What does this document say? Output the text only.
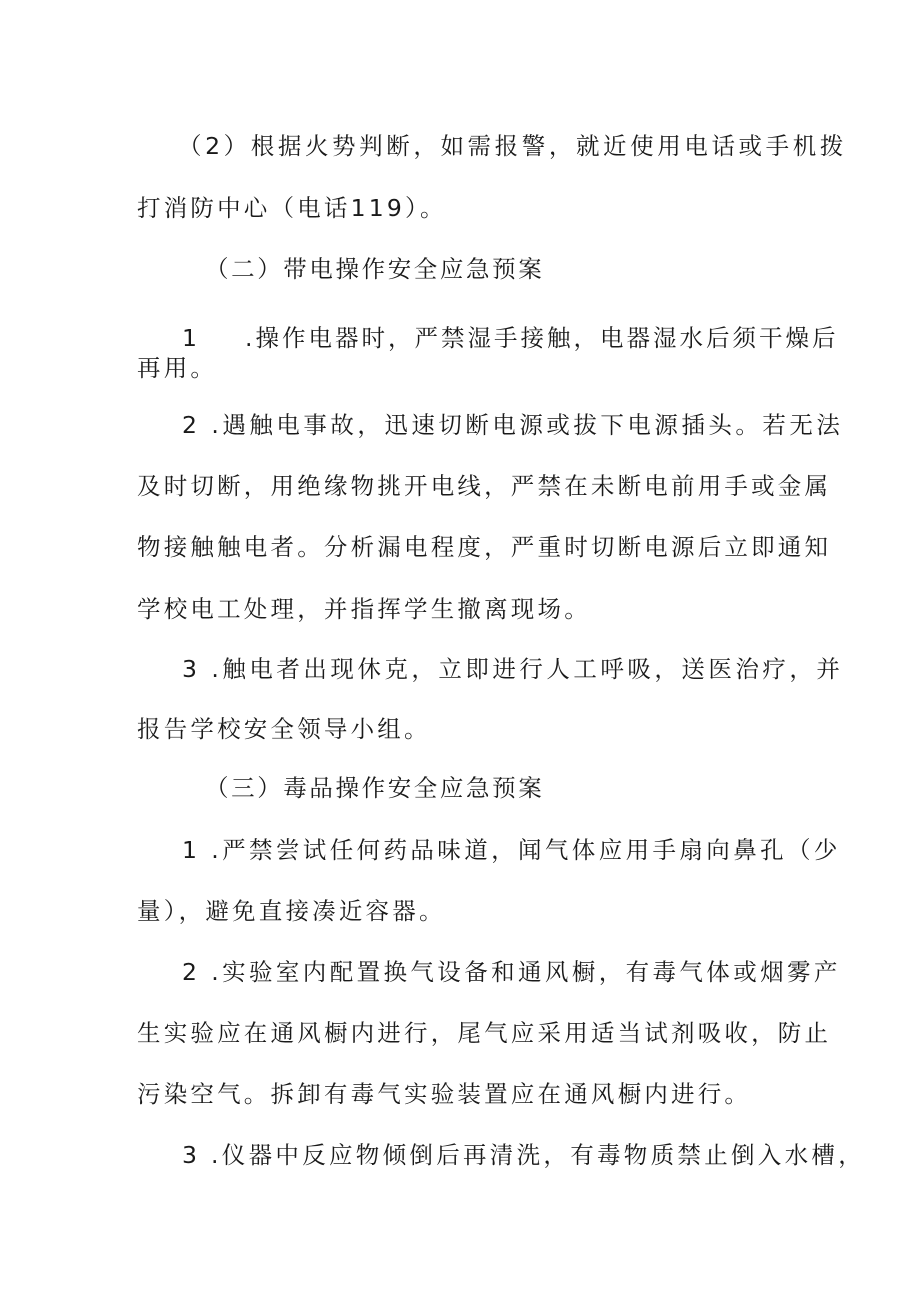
（2）根据火势判断，如需报警，就近使用电话或手机拨
打消防中心（电话119）。
（二）带电操作安全应急预案
1 .操作电器时，严禁湿手接触，电器湿水后须干燥后
再用。
2 .遇触电事故，迅速切断电源或拔下电源插头。若无法
及时切断，用绝缘物挑开电线，严禁在未断电前用手或金属
物接触触电者。分析漏电程度，严重时切断电源后立即通知
学校电工处理，并指挥学生撤离现场。
3 .触电者出现休克，立即进行人工呼吸，送医治疗，并
报告学校安全领导小组。
（三）毒品操作安全应急预案
1 .严禁尝试任何药品味道，闻气体应用手扇向鼻孔（少
量），避免直接凑近容器。
2 .实验室内配置换气设备和通风橱，有毒气体或烟雾产
生实验应在通风橱内进行，尾气应采用适当试剂吸收，防止
污染空气。拆卸有毒气实验装置应在通风橱内进行。
3 .仪器中反应物倾倒后再清洗，有毒物质禁止倒入水槽，
